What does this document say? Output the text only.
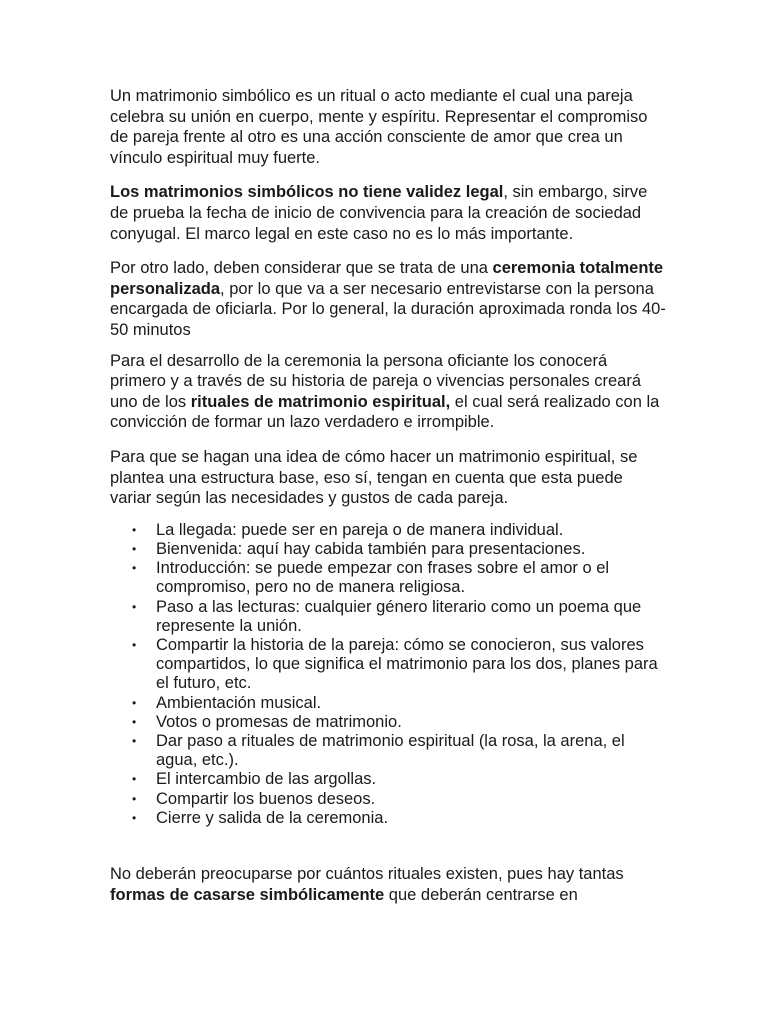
Un matrimonio simbólico es un ritual o acto mediante el cual una pareja celebra su unión en cuerpo, mente y espíritu. Representar el compromiso de pareja frente al otro es una acción consciente de amor que crea un vínculo espiritual muy fuerte.

Los matrimonios simbólicos no tiene validez legal, sin embargo, sirve de prueba la fecha de inicio de convivencia para la creación de sociedad conyugal. El marco legal en este caso no es lo más importante.

Por otro lado, deben considerar que se trata de una ceremonia totalmente personalizada, por lo que va a ser necesario entrevistarse con la persona encargada de oficiarla. Por lo general, la duración aproximada ronda los 40-50 minutos

Para el desarrollo de la ceremonia la persona oficiante los conocerá primero y a través de su historia de pareja o vivencias personales creará uno de los rituales de matrimonio espiritual, el cual será realizado con la convicción de formar un lazo verdadero e irrompible.

Para que se hagan una idea de cómo hacer un matrimonio espiritual, se plantea una estructura base, eso sí, tengan en cuenta que esta puede variar según las necesidades y gustos de cada pareja.

• La llegada: puede ser en pareja o de manera individual.
• Bienvenida: aquí hay cabida también para presentaciones.
• Introducción: se puede empezar con frases sobre el amor o el compromiso, pero no de manera religiosa.
• Paso a las lecturas: cualquier género literario como un poema que represente la unión.
• Compartir la historia de la pareja: cómo se conocieron, sus valores compartidos, lo que significa el matrimonio para los dos, planes para el futuro, etc.
• Ambientación musical.
• Votos o promesas de matrimonio.
• Dar paso a rituales de matrimonio espiritual (la rosa, la arena, el agua, etc.).
• El intercambio de las argollas.
• Compartir los buenos deseos.
• Cierre y salida de la ceremonia.

No deberán preocuparse por cuántos rituales existen, pues hay tantas formas de casarse simbólicamente que deberán centrarse en
